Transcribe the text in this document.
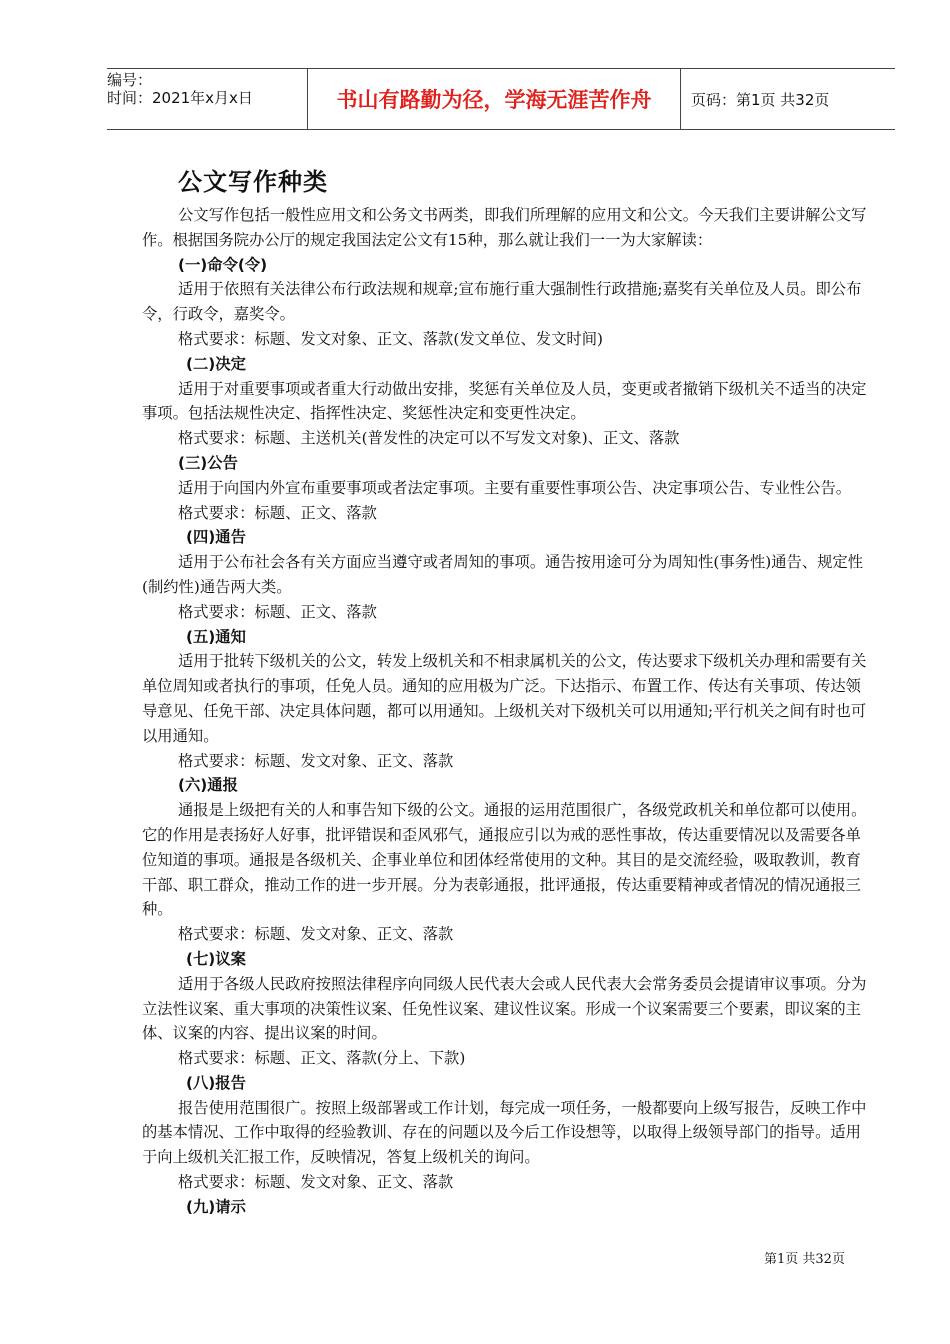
编号：
时间：2021年x月x日	书山有路勤为径，学海无涯苦作舟	页码：第1页 共32页
公文写作种类

公文写作包括一般性应用文和公务文书两类，即我们所理解的应用文和公文。今天我们主要讲解公文写作。根据国务院办公厅的规定我国法定公文有15种，那么就让我们一一为大家解读：

(一)命令(令)

适用于依照有关法律公布行政法规和规章;宣布施行重大强制性行政措施;嘉奖有关单位及人员。即公布令，行政令，嘉奖令。

格式要求：标题、发文对象、正文、落款(发文单位、发文时间)

(二)决定

适用于对重要事项或者重大行动做出安排，奖惩有关单位及人员，变更或者撤销下级机关不适当的决定事项。包括法规性决定、指挥性决定、奖惩性决定和变更性决定。

格式要求：标题、主送机关(普发性的决定可以不写发文对象)、正文、落款

(三)公告

适用于向国内外宣布重要事项或者法定事项。主要有重要性事项公告、决定事项公告、专业性公告。

格式要求：标题、正文、落款

(四)通告

适用于公布社会各有关方面应当遵守或者周知的事项。通告按用途可分为周知性(事务性)通告、规定性(制约性)通告两大类。

格式要求：标题、正文、落款

(五)通知

适用于批转下级机关的公文，转发上级机关和不相隶属机关的公文，传达要求下级机关办理和需要有关单位周知或者执行的事项，任免人员。通知的应用极为广泛。下达指示、布置工作、传达有关事项、传达领导意见、任免干部、决定具体问题，都可以用通知。上级机关对下级机关可以用通知;平行机关之间有时也可以用通知。

格式要求：标题、发文对象、正文、落款

(六)通报

通报是上级把有关的人和事告知下级的公文。通报的运用范围很广，各级党政机关和单位都可以使用。它的作用是表扬好人好事，批评错误和歪风邪气，通报应引以为戒的恶性事故，传达重要情况以及需要各单位知道的事项。通报是各级机关、企事业单位和团体经常使用的文种。其目的是交流经验，吸取教训，教育干部、职工群众，推动工作的进一步开展。分为表彰通报，批评通报，传达重要精神或者情况的情况通报三种。

格式要求：标题、发文对象、正文、落款

(七)议案

适用于各级人民政府按照法律程序向同级人民代表大会或人民代表大会常务委员会提请审议事项。分为立法性议案、重大事项的决策性议案、任免性议案、建议性议案。形成一个议案需要三个要素，即议案的主体、议案的内容、提出议案的时间。

格式要求：标题、正文、落款(分上、下款)

(八)报告

报告使用范围很广。按照上级部署或工作计划，每完成一项任务，一般都要向上级写报告，反映工作中的基本情况、工作中取得的经验教训、存在的问题以及今后工作设想等，以取得上级领导部门的指导。适用于向上级机关汇报工作，反映情况，答复上级机关的询问。

格式要求：标题、发文对象、正文、落款

(九)请示

第1页 共32页
